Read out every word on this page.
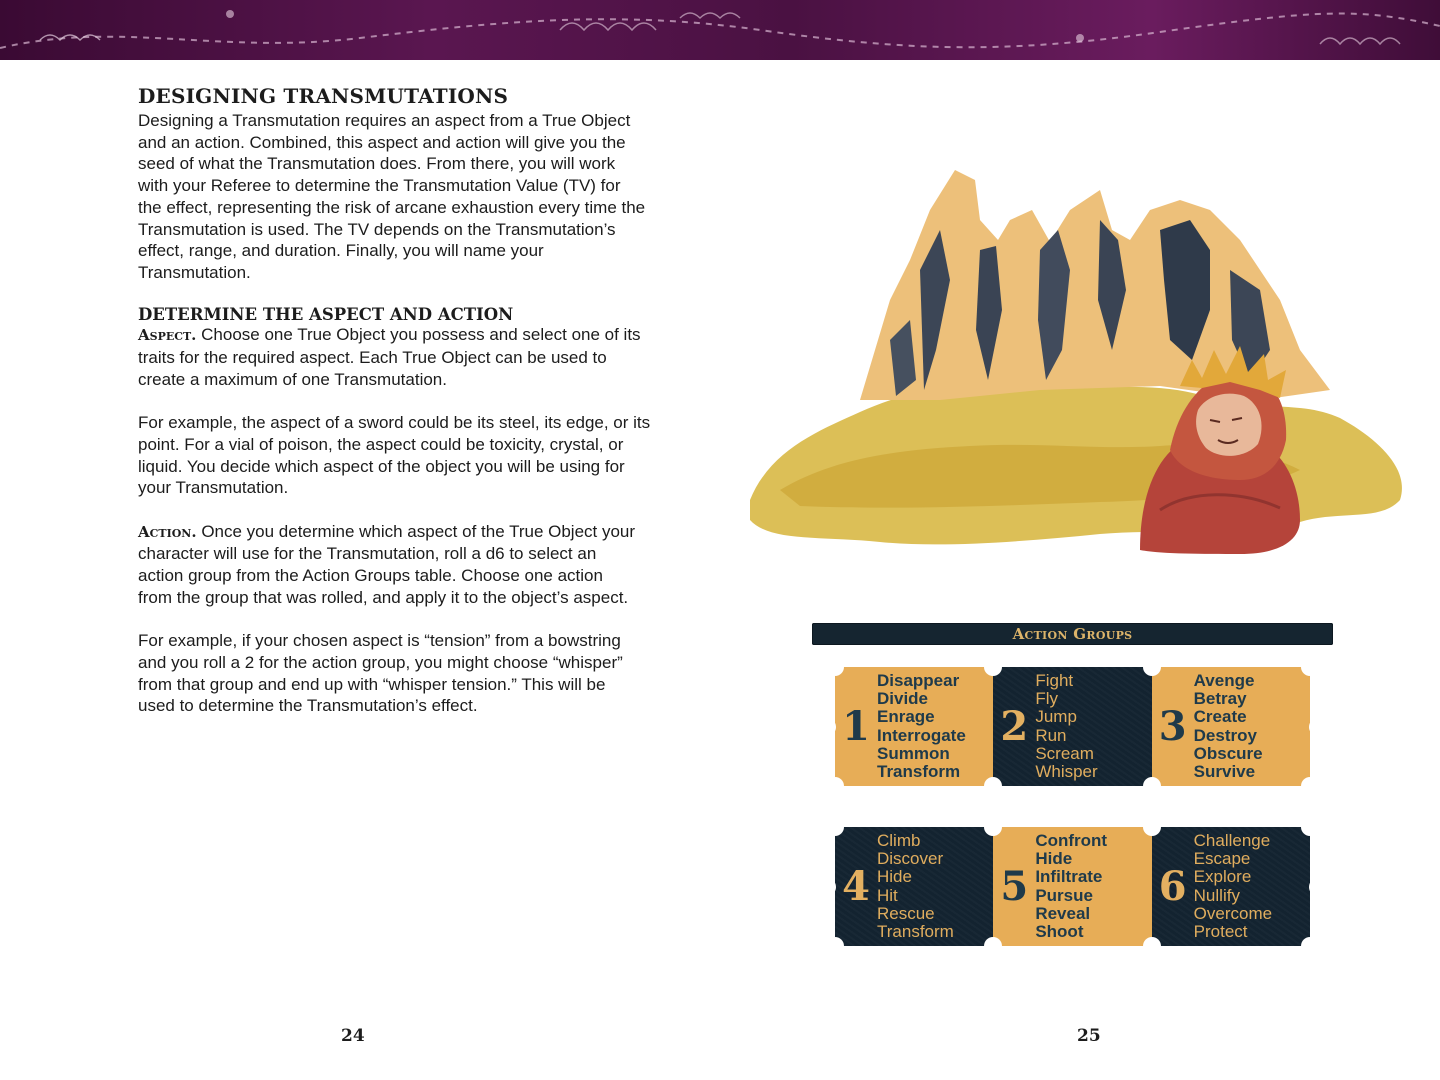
DESIGNING TRANSMUTATIONS

Designing a Transmutation requires an aspect from a True Object
and an action. Combined, this aspect and action will give you the
seed of what the Transmutation does. From there, you will work
with your Referee to determine the Transmutation Value (TV) for
the effect, representing the risk of arcane exhaustion every time the
Transmutation is used. The TV depends on the Transmutation’s
effect, range, and duration. Finally, you will name your
Transmutation.

DETERMINE THE ASPECT AND ACTION

Aspect. Choose one True Object you possess and select one of its
traits for the required aspect. Each True Object can be used to
create a maximum of one Transmutation.

For example, the aspect of a sword could be its steel, its edge, or its
point. For a vial of poison, the aspect could be toxicity, crystal, or
liquid. You decide which aspect of the object you will be using for
your Transmutation.

Action. Once you determine which aspect of the True Object your
character will use for the Transmutation, roll a d6 to select an
action group from the Action Groups table. Choose one action
from the group that was rolled, and apply it to the object’s aspect.

For example, if your chosen aspect is “tension” from a bowstring
and you roll a 2 for the action group, you might choose “whisper”
from that group and end up with “whisper tension.” This will be
used to determine the Transmutation’s effect.

24
Action Groups
1
Disappear
Divide
Enrage
Interrogate
Summon
Transform
2
Fight
Fly
Jump
Run
Scream
Whisper
3
Avenge
Betray
Create
Destroy
Obscure
Survive
4
Climb
Discover
Hide
Hit
Rescue
Transform
5
Confront
Hide
Infiltrate
Pursue
Reveal
Shoot
6
Challenge
Escape
Explore
Nullify
Overcome
Protect
25
